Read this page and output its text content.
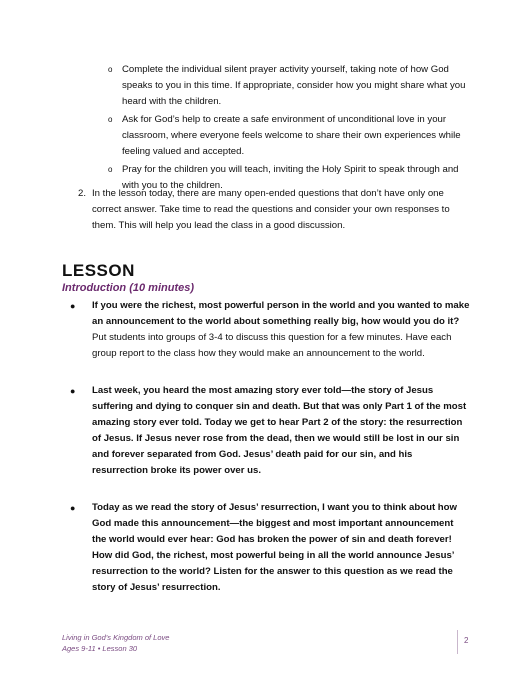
o Complete the individual silent prayer activity yourself, taking note of how God speaks to you in this time. If appropriate, consider how you might share what you heard with the children.
o Ask for God’s help to create a safe environment of unconditional love in your classroom, where everyone feels welcome to share their own experiences while feeling valued and accepted.
o Pray for the children you will teach, inviting the Holy Spirit to speak through and with you to the children.
2. In the lesson today, there are many open-ended questions that don’t have only one correct answer. Take time to read the questions and consider your own responses to them. This will help you lead the class in a good discussion.
LESSON
Introduction (10 minutes)
●	If you were the richest, most powerful person in the world and you wanted to make an announcement to the world about something really big, how would you do it? Put students into groups of 3-4 to discuss this question for a few minutes. Have each group report to the class how they would make an announcement to the world.
●	Last week, you heard the most amazing story ever told—the story of Jesus suffering and dying to conquer sin and death. But that was only Part 1 of the most amazing story ever told. Today we get to hear Part 2 of the story: the resurrection of Jesus. If Jesus never rose from the dead, then we would still be lost in our sin and forever separated from God. Jesus’ death paid for our sin, and his resurrection broke its power over us.
●	Today as we read the story of Jesus’ resurrection, I want you to think about how God made this announcement—the biggest and most important announcement the world would ever hear: God has broken the power of sin and death forever! How did God, the richest, most powerful being in all the world announce Jesus’ resurrection to the world? Listen for the answer to this question as we read the story of Jesus’ resurrection.
Living in God’s Kingdom of Love
Ages 9-11 • Lesson 30
2
